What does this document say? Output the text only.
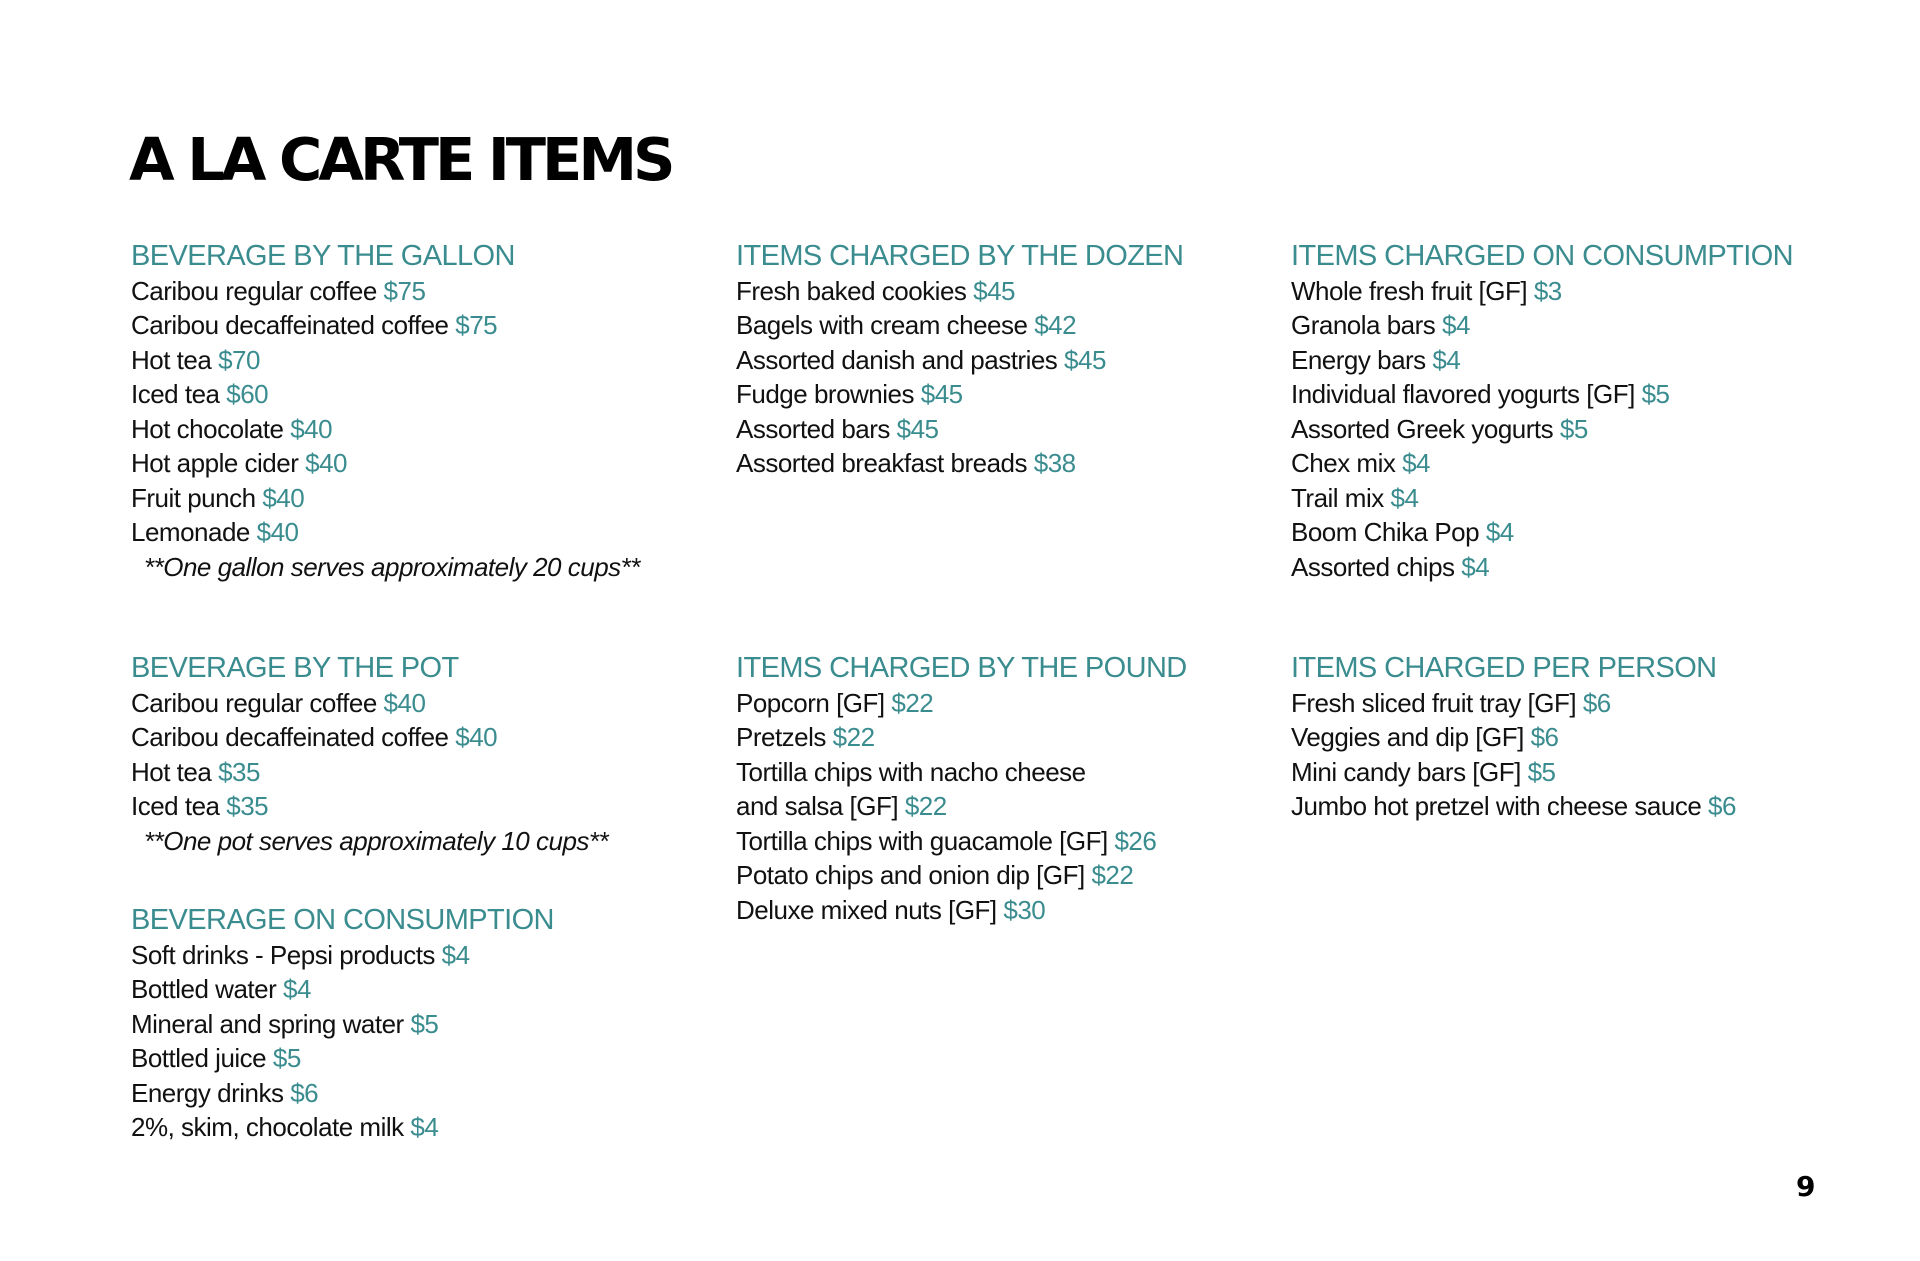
A LA CARTE ITEMS
BEVERAGE BY THE GALLON
Caribou regular coffee $75
Caribou decaffeinated coffee $75
Hot tea $70
Iced tea $60
Hot chocolate $40
Hot apple cider $40
Fruit punch $40
Lemonade $40
**One gallon serves approximately 20 cups**
BEVERAGE BY THE POT
Caribou regular coffee $40
Caribou decaffeinated coffee $40
Hot tea $35
Iced tea $35
**One pot serves approximately 10 cups**
BEVERAGE ON CONSUMPTION
Soft drinks - Pepsi products $4
Bottled water $4
Mineral and spring water $5
Bottled juice $5
Energy drinks $6
2%, skim, chocolate milk $4
ITEMS CHARGED BY THE DOZEN
Fresh baked cookies $45
Bagels with cream cheese $42
Assorted danish and pastries $45
Fudge brownies $45
Assorted bars $45
Assorted breakfast breads $38
ITEMS CHARGED BY THE POUND
Popcorn [GF] $22
Pretzels $22
Tortilla chips with nacho cheese
and salsa [GF] $22
Tortilla chips with guacamole [GF] $26
Potato chips and onion dip [GF] $22
Deluxe mixed nuts [GF] $30
ITEMS CHARGED ON CONSUMPTION
Whole fresh fruit [GF] $3
Granola bars $4
Energy bars $4
Individual flavored yogurts [GF] $5
Assorted Greek yogurts $5
Chex mix $4
Trail mix $4
Boom Chika Pop $4
Assorted chips $4
ITEMS CHARGED PER PERSON
Fresh sliced fruit tray [GF] $6
Veggies and dip [GF] $6
Mini candy bars [GF] $5
Jumbo hot pretzel with cheese sauce $6
9
